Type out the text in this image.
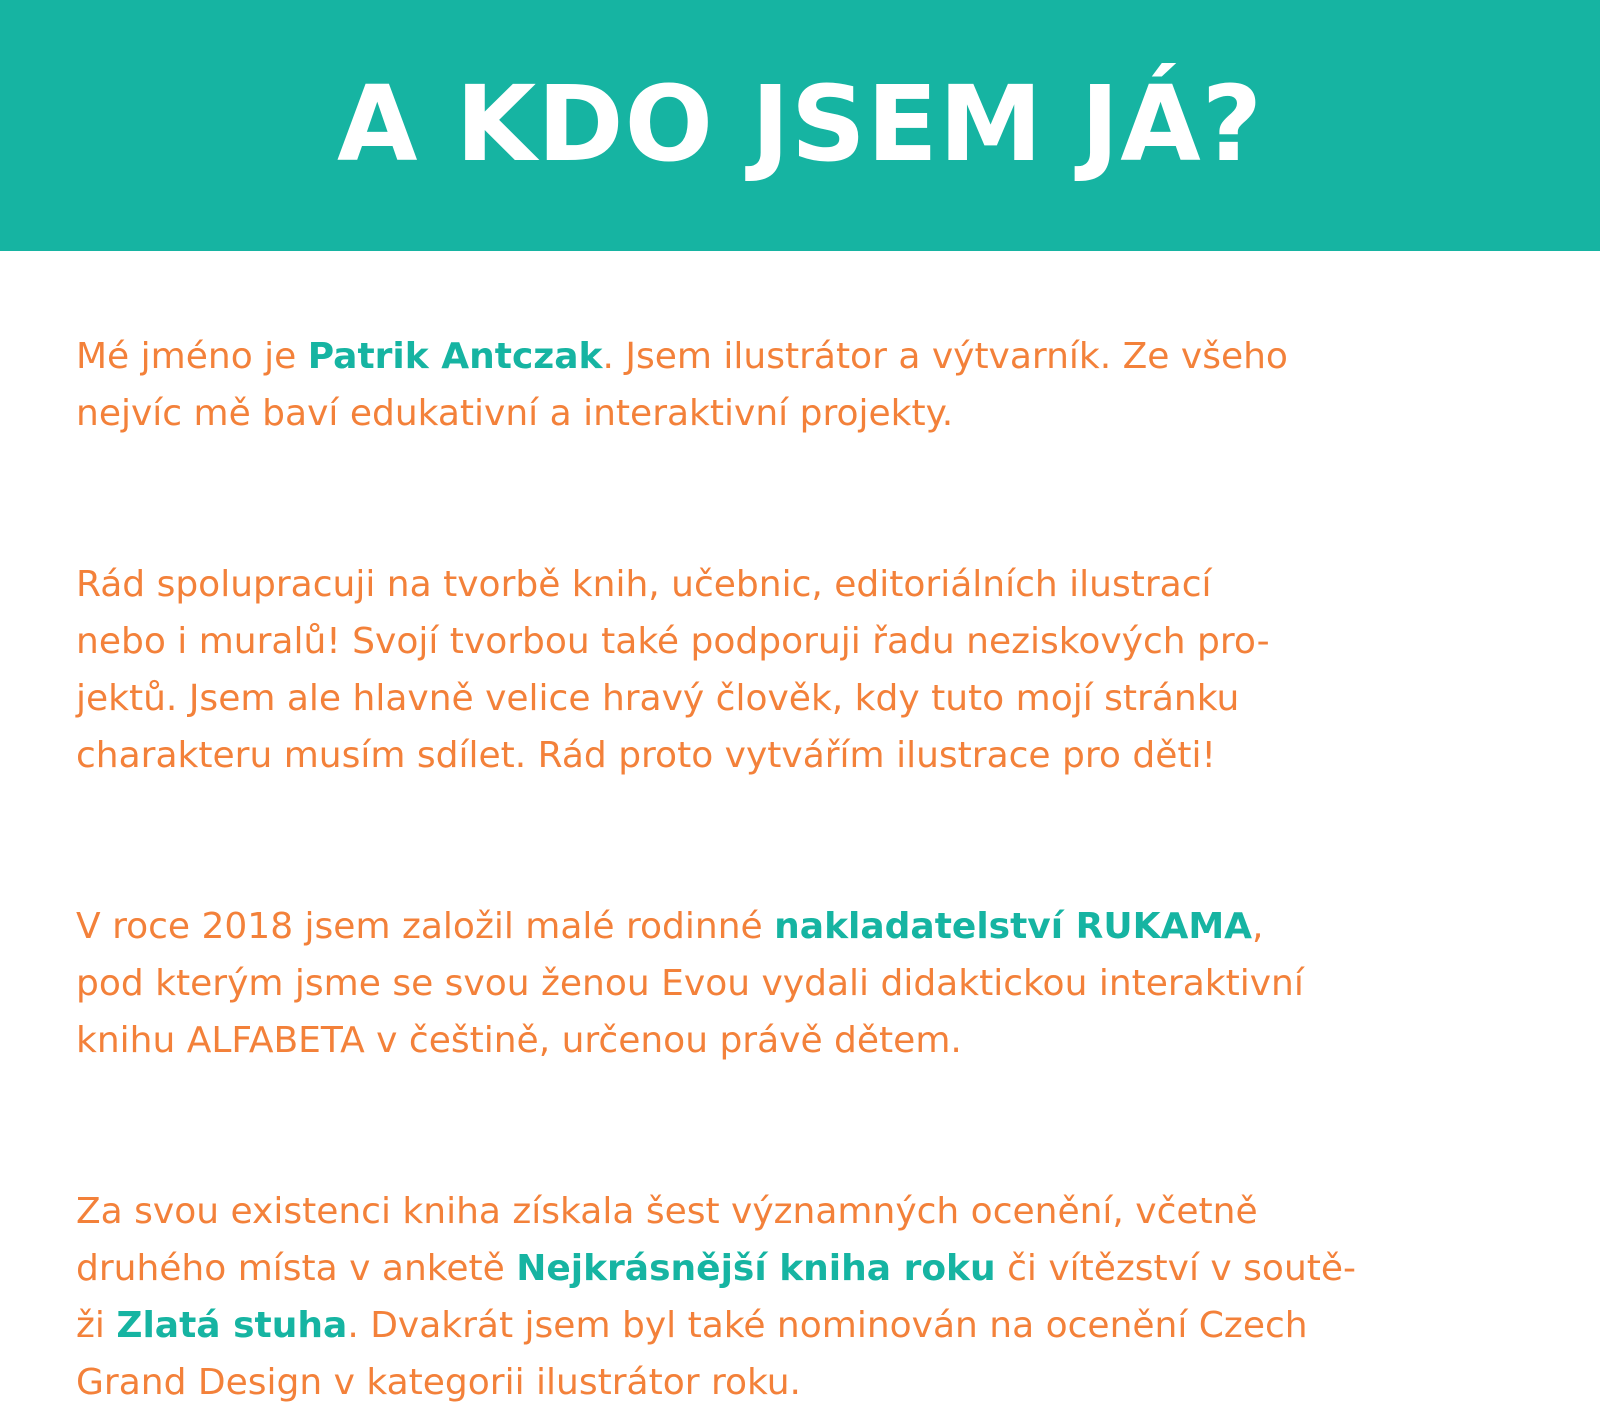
A KDO JSEM JÁ?

Mé jméno je Patrik Antczak. Jsem ilustrátor a výtvarník. Ze všeho
nejvíc mě baví edukativní a interaktivní projekty.

Rád spolupracuji na tvorbě knih, učebnic, editoriálních ilustrací
nebo i muralů! Svojí tvorbou také podporuji řadu neziskových pro-
jektů. Jsem ale hlavně velice hravý člověk, kdy tuto mojí stránku
charakteru musím sdílet. Rád proto vytvářím ilustrace pro děti!

V roce 2018 jsem založil malé rodinné nakladatelství RUKAMA,
pod kterým jsme se svou ženou Evou vydali didaktickou interaktivní
knihu ALFABETA v češtině, určenou právě dětem.

Za svou existenci kniha získala šest významných ocenění, včetně
druhého místa v anketě Nejkrásnější kniha roku či vítězství v soutě-
ži Zlatá stuha. Dvakrát jsem byl také nominován na ocenění Czech
Grand Design v kategorii ilustrátor roku.
